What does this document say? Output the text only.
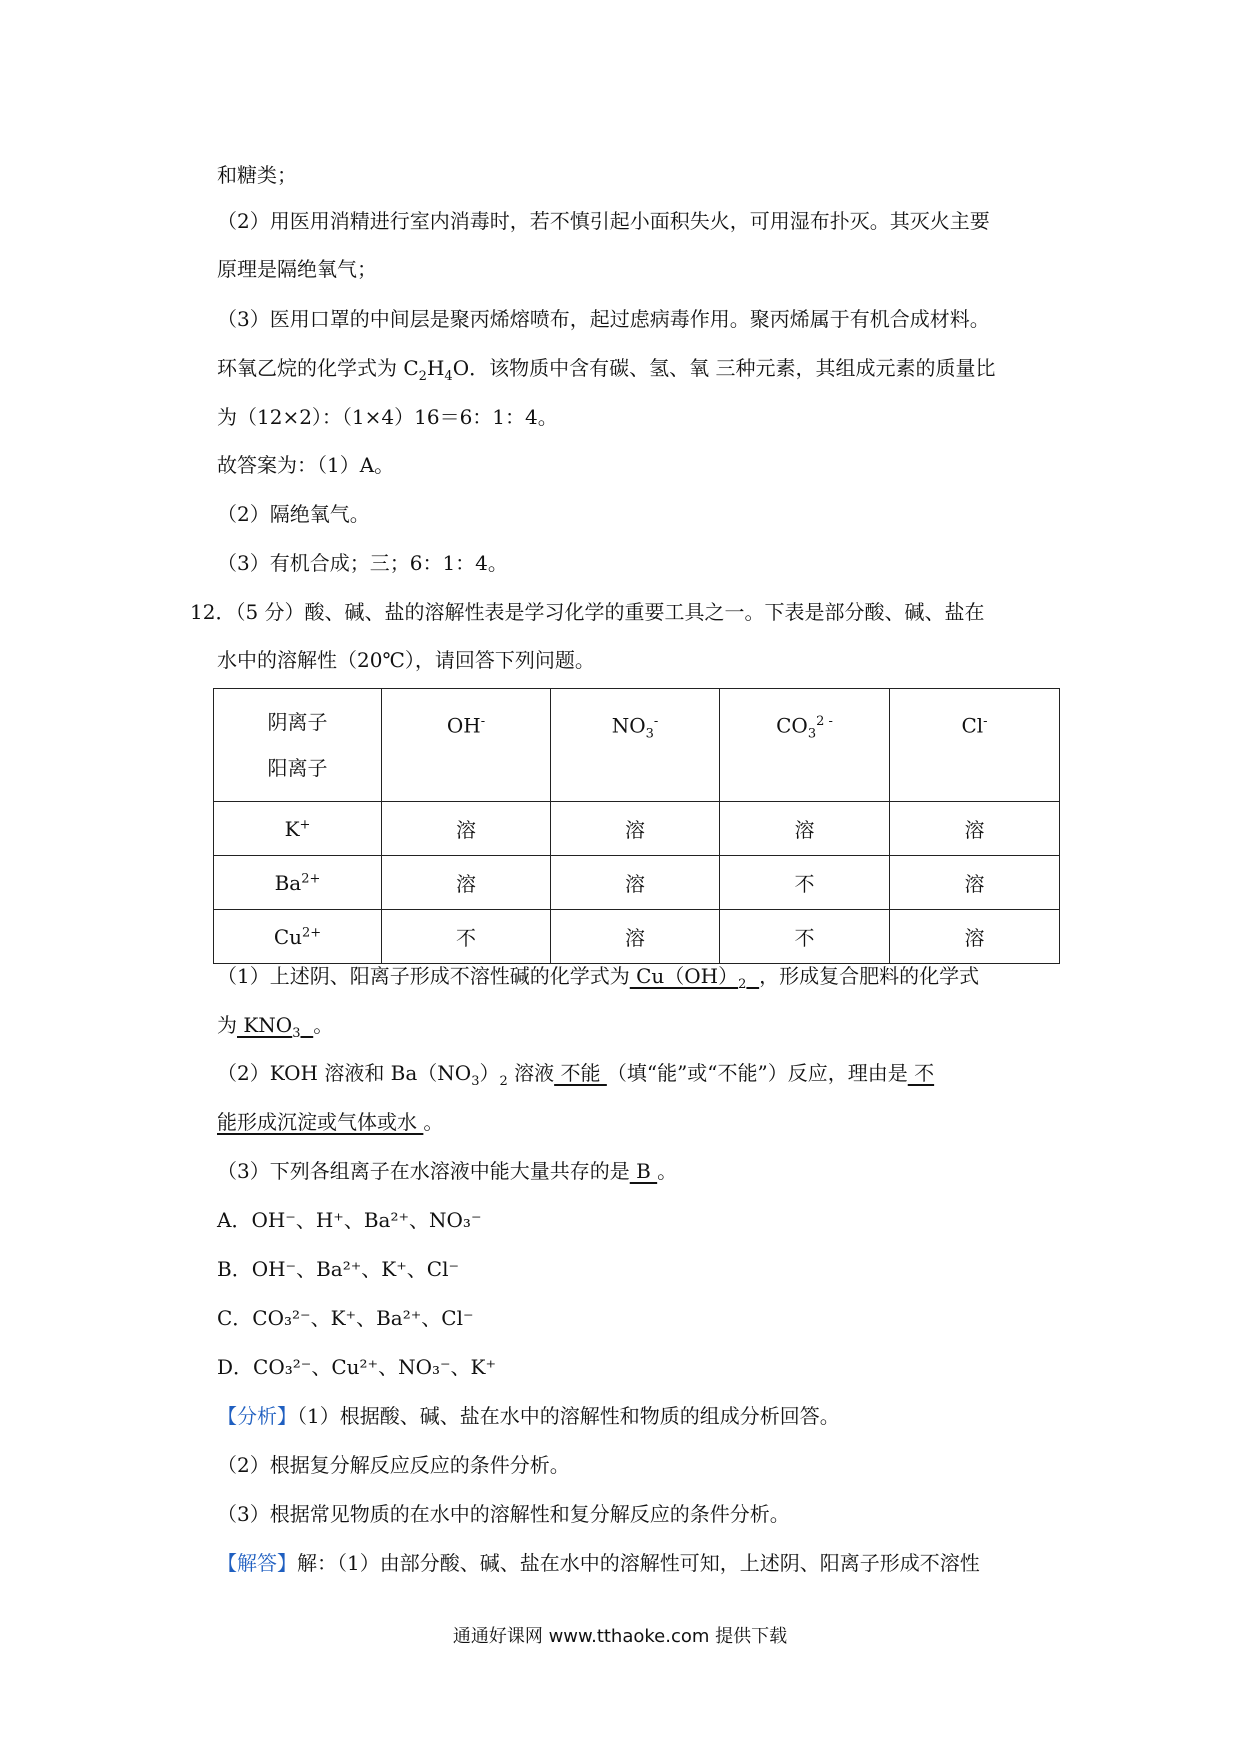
和糖类；
（2）用医用消精进行室内消毒时，若不慎引起小面积失火，可用湿布扑灭。其灭火主要
原理是隔绝氧气；
（3）医用口罩的中间层是聚丙烯熔喷布，起过虑病毒作用。聚丙烯属于有机合成材料。
环氧乙烷的化学式为 $C_2H_4O$．该物质中含有碳、氢、氧 三种元素，其组成元素的质量比
为（12×2）：（1×4）16＝6：1：4。
故答案为：（1）A。
（2）隔绝氧气。
（3）有机合成；三；6：1：4。
12．（5 分）酸、碱、盐的溶解性表是学习化学的重要工具之一。下表是部分酸、碱、盐在
水中的溶解性（20℃），请回答下列问题。
阴离子
阳离子	OH-	$NO_3^-$	$CO_3^{2 -}$	Cl-

K+	溶	溶	溶	溶
$Ba^{2+}$	溶	溶	不	溶
$Cu^{2+}$	不	溶	不	溶
（1）上述阴、阳离子形成不溶性碱的化学式为 $Cu(OH)_2$ ，形成复合肥料的化学式
为 $KNO_3$ 。
（2）KOH 溶液和 $Ba(NO_3)_2$ 溶液 不能 （填“能”或“不能”）反应，理由是 不
能形成沉淀或气体或水 。
（3）下列各组离子在水溶液中能大量共存的是 B 。
A．OH⁻、H⁺、Ba²⁺、NO₃⁻
B．OH⁻、Ba²⁺、K⁺、Cl⁻
C．CO₃²⁻、K⁺、Ba²⁺、Cl⁻
D．CO₃²⁻、Cu²⁺、NO₃⁻、K⁺
【分析】（1）根据酸、碱、盐在水中的溶解性和物质的组成分析回答。
（2）根据复分解反应反应的条件分析。
（3）根据常见物质的在水中的溶解性和复分解反应的条件分析。
【解答】解：（1）由部分酸、碱、盐在水中的溶解性可知，上述阴、阳离子形成不溶性
通通好课网 www.tthaoke.com 提供下载
